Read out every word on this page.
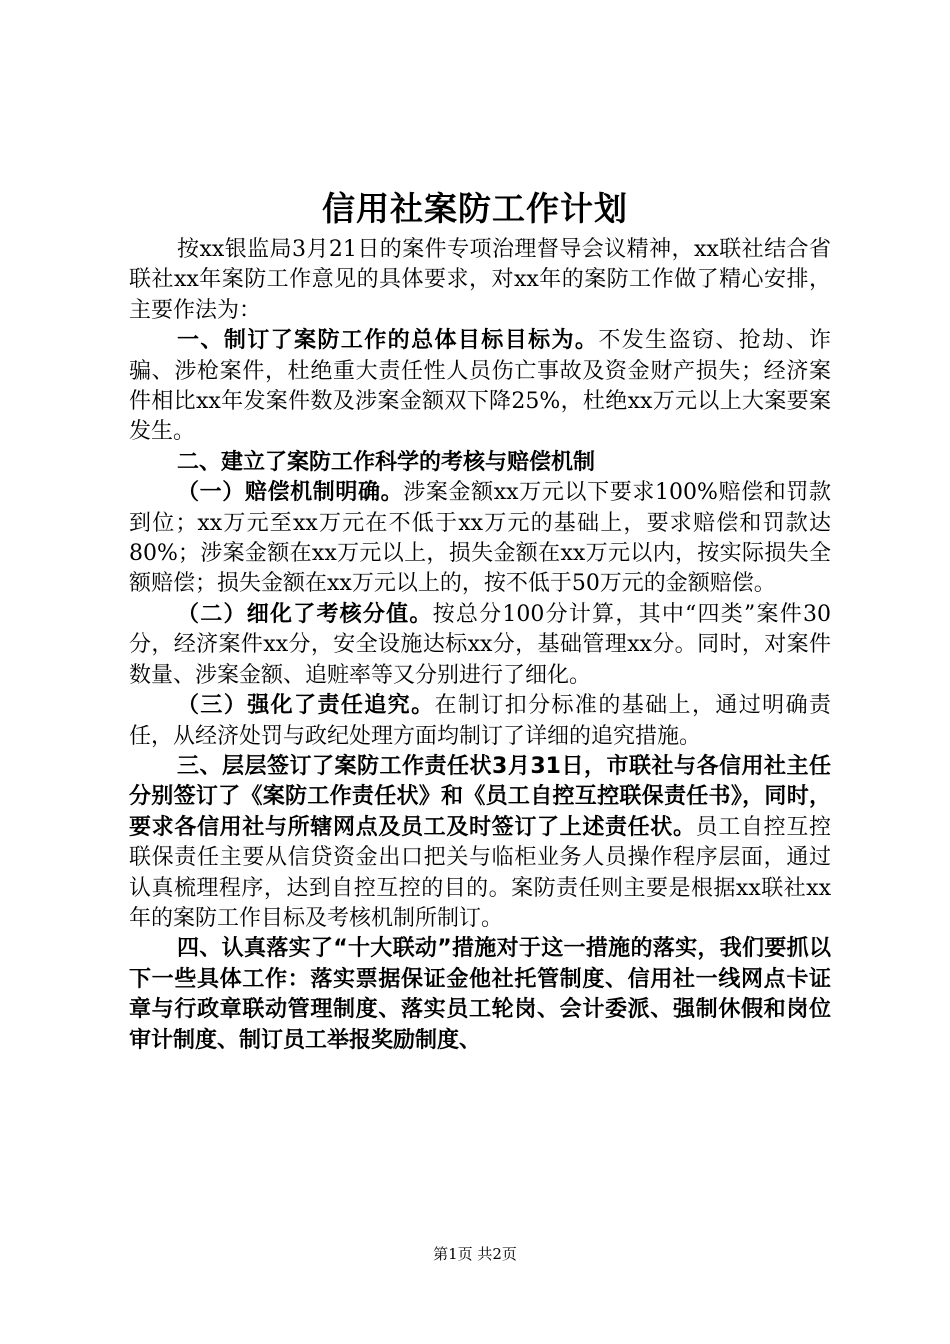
信用社案防工作计划

按xx银监局3月21日的案件专项治理督导会议精神，xx联社结合省联社xx年案防工作意见的具体要求，对xx年的案防工作做了精心安排，主要作法为：

一、制订了案防工作的总体目标目标为。不发生盗窃、抢劫、诈骗、涉枪案件，杜绝重大责任性人员伤亡事故及资金财产损失；经济案件相比xx年发案件数及涉案金额双下降25%，杜绝xx万元以上大案要案发生。

二、建立了案防工作科学的考核与赔偿机制

（一）赔偿机制明确。涉案金额xx万元以下要求100%赔偿和罚款到位；xx万元至xx万元在不低于xx万元的基础上，要求赔偿和罚款达80%；涉案金额在xx万元以上，损失金额在xx万元以内，按实际损失全额赔偿；损失金额在xx万元以上的，按不低于50万元的金额赔偿。

（二）细化了考核分值。按总分100分计算，其中“四类”案件30分，经济案件xx分，安全设施达标xx分，基础管理xx分。同时，对案件数量、涉案金额、追赃率等又分别进行了细化。

（三）强化了责任追究。在制订扣分标准的基础上，通过明确责任，从经济处罚与政纪处理方面均制订了详细的追究措施。

三、层层签订了案防工作责任状3月31日，市联社与各信用社主任分别签订了《案防工作责任状》和《员工自控互控联保责任书》，同时，要求各信用社与所辖网点及员工及时签订了上述责任状。员工自控互控联保责任主要从信贷资金出口把关与临柜业务人员操作程序层面，通过认真梳理程序，达到自控互控的目的。案防责任则主要是根据xx联社xx年的案防工作目标及考核机制所制订。

四、认真落实了“十大联动”措施对于这一措施的落实，我们要抓以下一些具体工作：落实票据保证金他社托管制度、信用社一线网点卡证章与行政章联动管理制度、落实员工轮岗、会计委派、强制休假和岗位审计制度、制订员工举报奖励制度、

第1页 共2页
